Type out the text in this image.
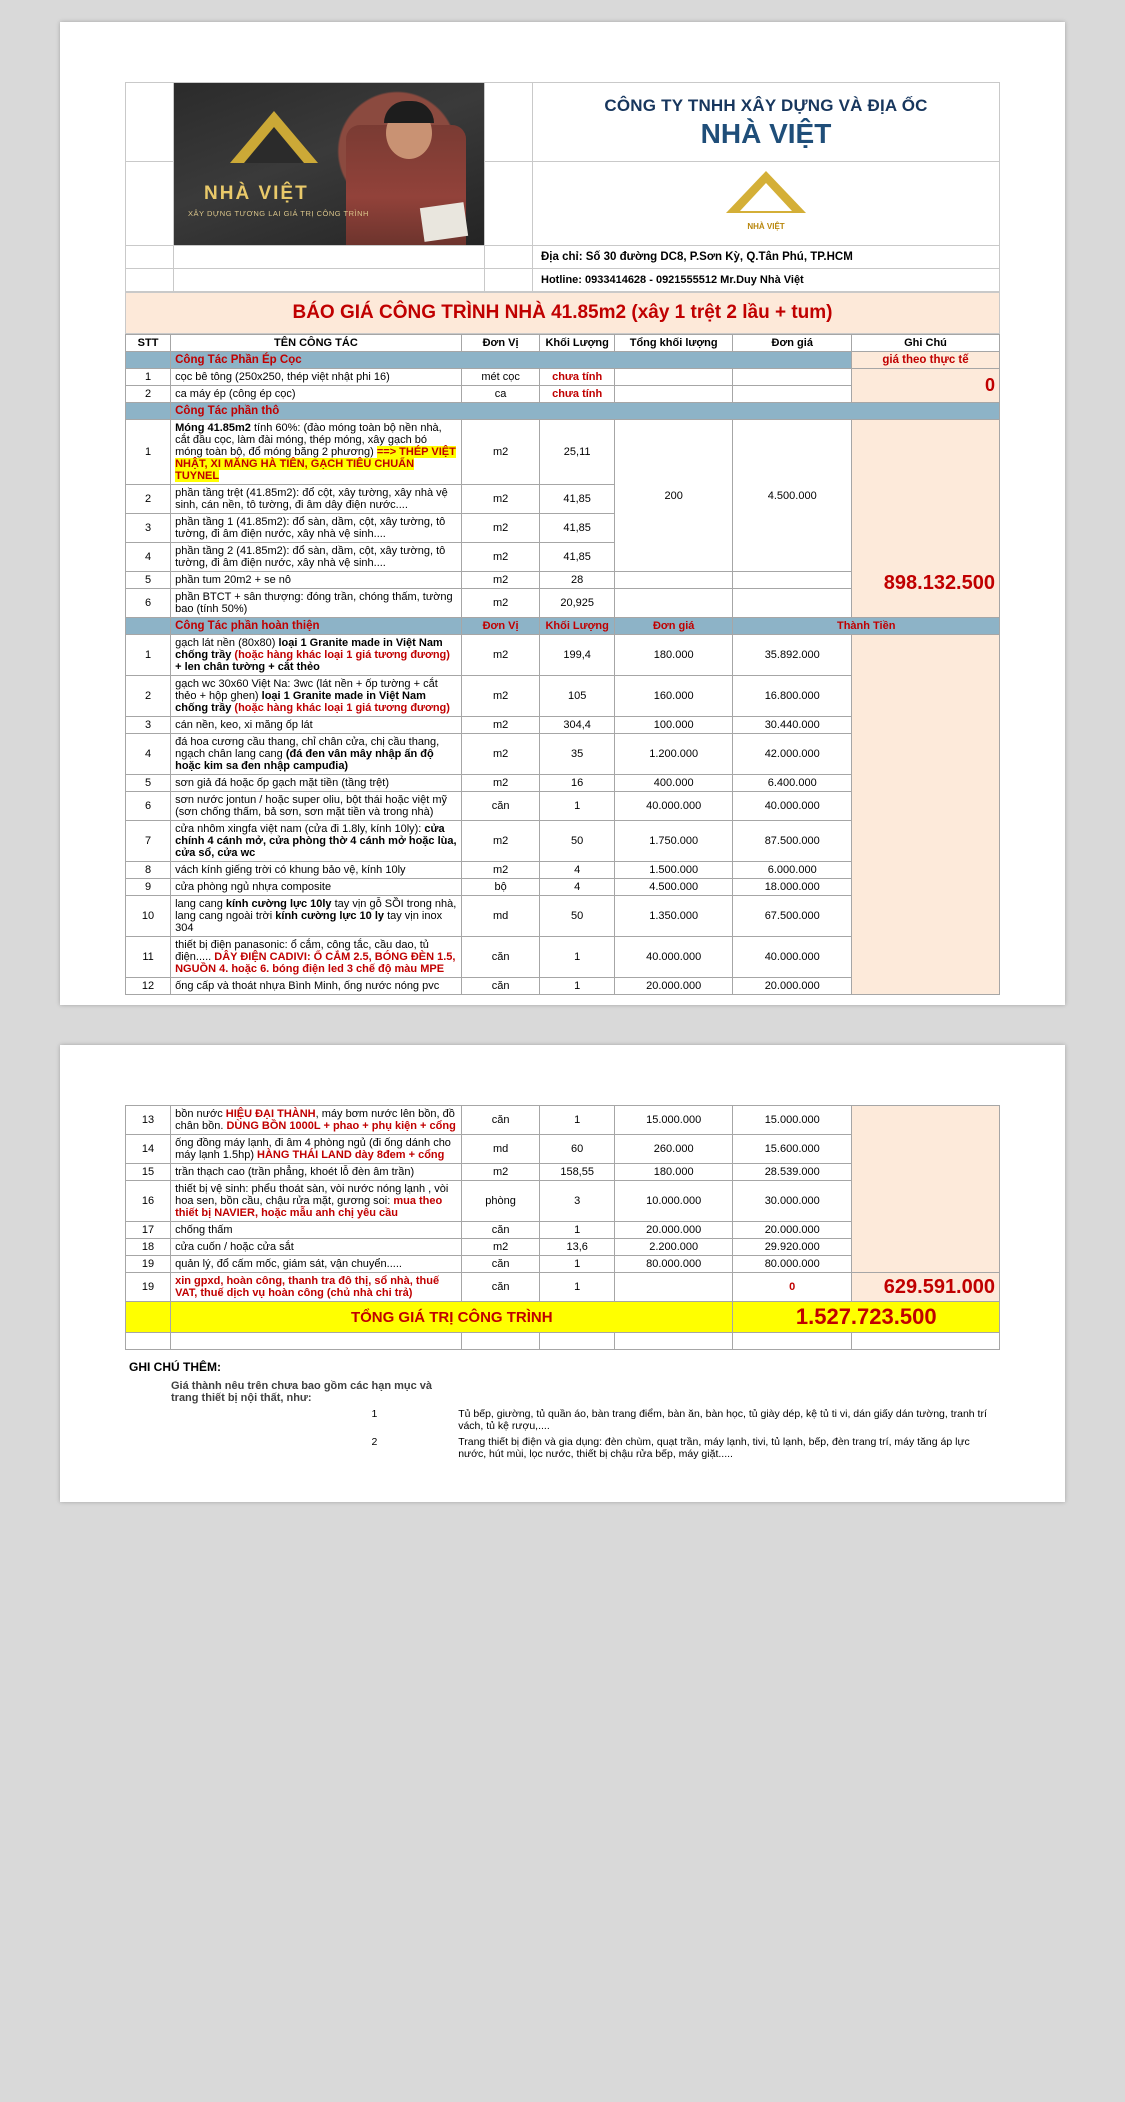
NHÀ VIỆT
XÂY DỰNG TƯƠNG LAI GIÁ TRỊ CÔNG TRÌNH

CÔNG TY TNHH XÂY DỰNG VÀ ĐỊA ỐC
NHÀ VIỆT

			NHÀ VIỆT

			Địa chỉ: Số 30 đường DC8, P.Sơn Kỳ, Q.Tân Phú, TP.HCM
			Hotline: 0933414628 - 0921555512 Mr.Duy Nhà Việt
BÁO GIÁ CÔNG TRÌNH NHÀ 41.85m2 (xây 1 trệt 2 lầu + tum)
STT	TÊN CÔNG TÁC	Đơn Vị	Khối Lượng	Tổng khối lượng	Đơn giá	Ghi Chú
	Công Tác Phần Ép Cọc					giá theo thực tế
1	cọc bê tông (250x250, thép việt nhật phi 16)	mét cọc	chưa tính			0
2	ca máy ép (công ép cọc)	ca	chưa tính			
	Công Tác phần thô					
1	Móng 41.85m2 tính 60%: (đào móng toàn bộ nền nhà, cắt đầu cọc, làm đài móng, thép móng, xây gạch bó móng toàn bộ, đổ móng băng 2 phương) ==> THÉP VIỆT NHẬT, XI MĂNG HÀ TIÊN, GẠCH TIÊU CHUẨN TUYNEL	m2	25,11	200	4.500.000	898.132.500

2	phần tầng trệt (41.85m2): đổ cột, xây tường, xây nhà vệ sinh, cán nền, tô tường, đi âm dây điện nước....	m2	41,85			
3	phần tầng 1 (41.85m2): đổ sàn, dầm, cột, xây tường, tô tường, đi âm điện nước, xây nhà vệ sinh....	m2	41,85			
4	phần tầng 2 (41.85m2): đổ sàn, dầm, cột, xây tường, tô tường, đi âm điện nước, xây nhà vệ sinh....	m2	41,85			
5	phần tum 20m2 + se nô	m2	28			
6	phần BTCT + sân thượng: đóng trần, chóng thấm, tường bao (tính 50%)	m2	20,925			
	Công Tác phần hoàn thiện	Đơn Vị	Khối Lượng	Đơn giá	Thành Tiền	
1	gạch lát nền (80x80) loại 1 Granite made in Việt Nam chống trầy (hoặc hàng khác loại 1 giá tương đương) + len chân tường + cắt thẻo	m2	199,4	180.000	35.892.000	
2	gạch wc 30x60 Việt Na: 3wc (lát nền + ốp tường + cắt thẻo + hộp ghen) loại 1 Granite made in Việt Nam chống trầy (hoặc hàng khác loại 1 giá tương đương)	m2	105	160.000	16.800.000	
3	cán nền, keo, xi măng ốp lát	m2	304,4	100.000	30.440.000	
4	đá hoa cương cầu thang, chỉ chân cửa, chị cầu thang, ngạch chân lang cang (đá đen vân mây nhập ấn độ hoặc kim sa đen nhập campuđia)	m2	35	1.200.000	42.000.000	
5	sơn giả đá hoặc ốp gạch mặt tiền (tầng trệt)	m2	16	400.000	6.400.000	
6	sơn nước jontun / hoặc super oliu, bột thái hoặc việt mỹ (sơn chống thấm, bả sơn, sơn mặt tiền và trong nhà)	căn	1	40.000.000	40.000.000	
7	cửa nhôm xingfa việt nam (cửa đi 1.8ly, kính 10ly): cửa chính 4 cánh mở, cửa phòng thờ 4 cánh mở hoặc lùa, cửa sổ, cửa wc	m2	50	1.750.000	87.500.000	
8	vách kính giếng trời có khung bảo vệ, kính 10ly	m2	4	1.500.000	6.000.000	
9	cửa phòng ngủ nhựa composite	bộ	4	4.500.000	18.000.000	
10	lang cang kính cường lực 10ly tay vịn gỗ SỒI trong nhà, lang cang ngoài trời kính cường lực 10 ly tay vịn inox 304	md	50	1.350.000	67.500.000	
11	thiết bị điện panasonic: ổ cắm, công tắc, cầu dao, tủ điện..... DÂY ĐIỆN CADIVI: Ổ CẮM 2.5, BÓNG ĐÈN 1.5, NGUỒN 4. hoặc 6. bóng điện led 3 chế độ màu MPE	căn	1	40.000.000	40.000.000	
12	ống cấp và thoát nhựa Bình Minh, ống nước nóng pvc	căn	1	20.000.000	20.000.000	
13	bồn nước HIỆU ĐẠI THÀNH, máy bơm nước lên bồn, đồ chân bồn. DÙNG BỒN 1000L + phao + phụ kiện + cổng	căn	1	15.000.000	15.000.000	
14	ống đồng máy lạnh, đi âm 4 phòng ngủ (đi ống dánh cho máy lạnh 1.5hp) HÀNG THÁI LAND dày 8đem + cổng	md	60	260.000	15.600.000	
15	trần thạch cao (trần phẳng, khoét lỗ đèn âm trần)	m2	158,55	180.000	28.539.000	
16	thiết bị vệ sinh: phểu thoát sàn, vòi nước nóng lạnh , vòi hoa sen, bồn cầu, chậu rửa mặt, gương soi: mua theo thiết bị NAVIER, hoặc mẫu anh chị yêu cầu	phòng	3	10.000.000	30.000.000	
17	chống thấm	căn	1	20.000.000	20.000.000	
18	cửa cuốn / hoặc cửa sắt	m2	13,6	2.200.000	29.920.000	
19	quản lý, đổ cấm mốc, giám sát, vận chuyển.....	căn	1	80.000.000	80.000.000	
19	xin gpxd, hoàn công, thanh tra đô thị, sổ nhà, thuế VAT, thuế dịch vụ hoàn công (chủ nhà chi trả)	căn	1		0	629.591.000

	TỔNG GIÁ TRỊ CÔNG TRÌNH				1.527.723.500	

GHI CHÚ THÊM:			
	Giá thành nêu trên chưa bao gồm các hạn mục và trang thiết bị nội thất, như:		
		1	Tủ bếp, giường, tủ quần áo, bàn trang điểm, bàn ăn, bàn học, tủ giày dép, kệ tủ ti vi, dán giấy dán tường, tranh trí vách, tủ kệ rượu,....
		2	Trang thiết bị điện và gia dụng: đèn chùm, quạt trần, máy lạnh, tivi, tủ lạnh, bếp, đèn trang trí, máy tăng áp lực nước, hút mùi, lọc nước, thiết bị chậu rửa bếp, máy giặt.....
